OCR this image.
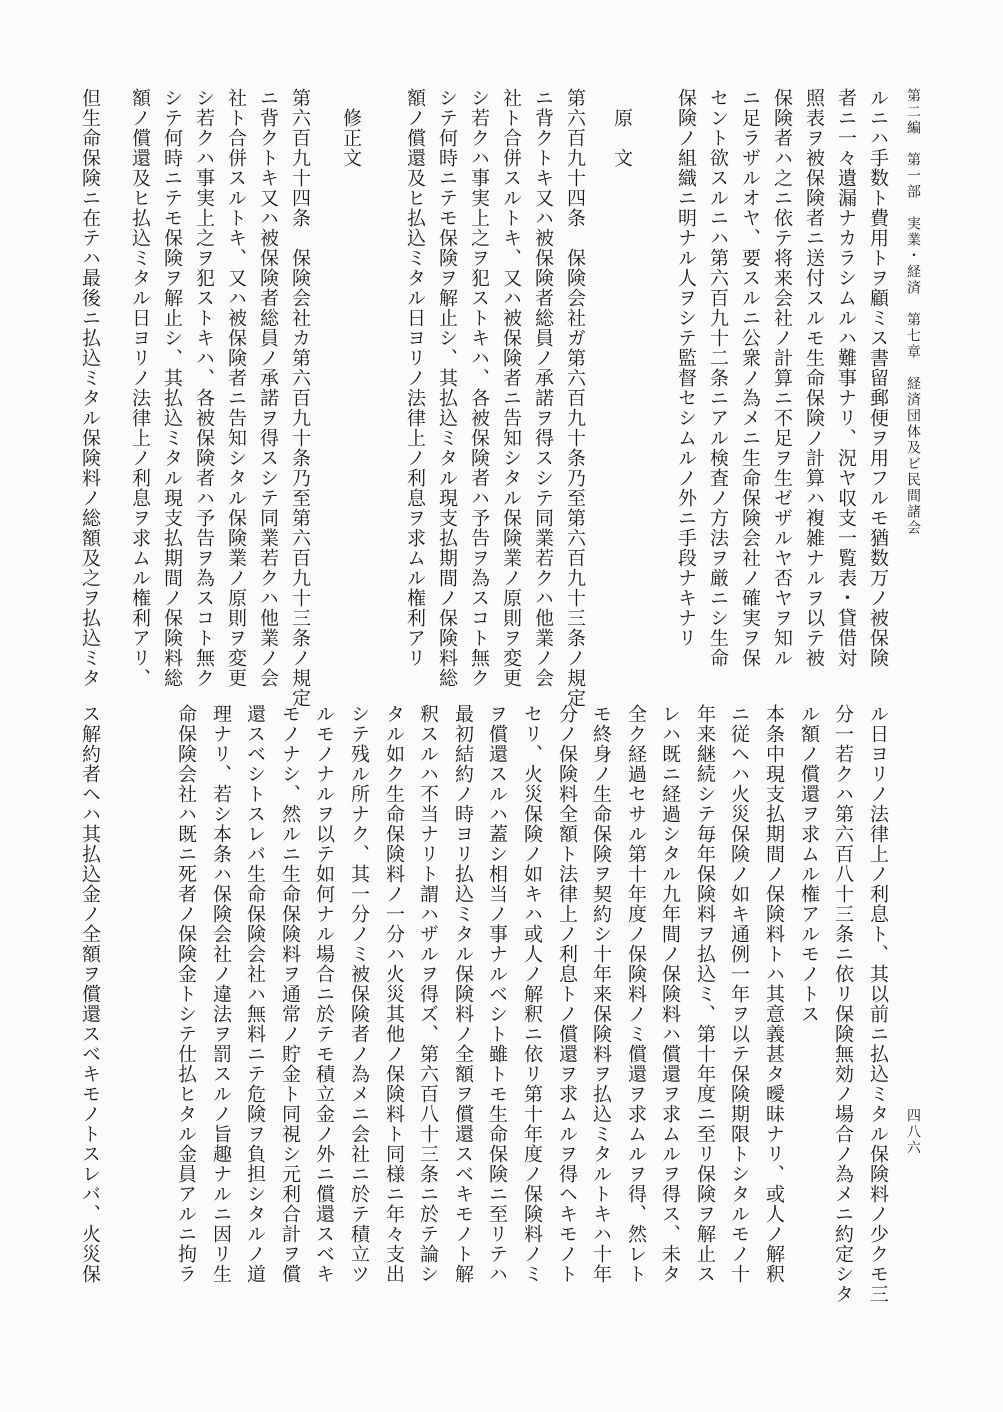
第二編　第一部　実業・経済　第七章　経済団体及ビ民間諸会
四八六
ルニハ手数ト費用トヲ顧ミス書留郵便ヲ用フルモ猶数万ノ被保険
者ニ一々遺漏ナカラシムルハ難事ナリ、況ヤ収支一覧表・貸借対
照表ヲ被保険者ニ送付スルモ生命保険ノ計算ハ複雑ナルヲ以テ被
保険者ハ之ニ依テ将来会社ノ計算ニ不足ヲ生ゼザルヤ否ヤヲ知ル
ニ足ラザルオヤ、要スルニ公衆ノ為メニ生命保険会社ノ確実ヲ保
セント欲スルニハ第六百九十二条ニアル検査ノ方法ヲ厳ニシ生命
保険ノ組織ニ明ナル人ヲシテ監督セシムルノ外ニ手段ナキナリ
　原　文
第六百九十四条　保険会社ガ第六百九十条乃至第六百九十三条ノ規定
ニ背クトキ又ハ被保険者総員ノ承諾ヲ得スシテ同業若クハ他業ノ会
社ト合併スルトキ、又ハ被保険者ニ告知シタル保険業ノ原則ヲ変更
シ若クハ事実上之ヲ犯ストキハ、各被保険者ハ予告ヲ為スコト無ク
シテ何時ニテモ保険ヲ解止シ、其払込ミタル現支払期間ノ保険料総
額ノ償還及ヒ払込ミタル日ヨリノ法律上ノ利息ヲ求ムル権利アリ
　修正文
第六百九十四条　保険会社カ第六百九十条乃至第六百九十三条ノ規定
ニ背クトキ又ハ被保険者総員ノ承諾ヲ得スシテ同業若クハ他業ノ会
社ト合併スルトキ、又ハ被保険者ニ告知シタル保険業ノ原則ヲ変更
シ若クハ事実上之ヲ犯ストキハ、各被保険者ハ予告ヲ為スコト無ク
シテ何時ニテモ保険ヲ解止シ、其払込ミタル現支払期間ノ保険料総
額ノ償還及ヒ払込ミタル日ヨリノ法律上ノ利息ヲ求ムル権利アリ、
但生命保険ニ在テハ最後ニ払込ミタル保険料ノ総額及之ヲ払込ミタ
ル日ヨリノ法律上ノ利息ト、其以前ニ払込ミタル保険料ノ少クモ三
分一若クハ第六百八十三条ニ依リ保険無効ノ場合ノ為メニ約定シタ
ル額ノ償還ヲ求ムル権アルモノトス
本条中現支払期間ノ保険料トハ其意義甚タ曖昧ナリ、或人ノ解釈
ニ従ヘハ火災保険ノ如キ通例一年ヲ以テ保険期限トシタルモノ十
年来継続シテ毎年保険料ヲ払込ミ、第十年度ニ至リ保険ヲ解止ス
レハ既ニ経過シタル九年間ノ保険料ハ償還ヲ求ムルヲ得ス、未タ
全ク経過セサル第十年度ノ保険料ノミ償還ヲ求ムルヲ得、然レト
モ終身ノ生命保険ヲ契約シ十年来保険料ヲ払込ミタルトキハ十年
分ノ保険料全額ト法律上ノ利息トノ償還ヲ求ムルヲ得ヘキモノト
セリ、火災保険ノ如キハ或人ノ解釈ニ依リ第十年度ノ保険料ノミ
ヲ償還スルハ蓋シ相当ノ事ナルベシト雖トモ生命保険ニ至リテハ
最初結約ノ時ヨリ払込ミタル保険料ノ全額ヲ償還スベキモノト解
釈スルハ不当ナリト謂ハザルヲ得ズ、第六百八十三条ニ於テ論シ
タル如ク生命保険料ノ一分ハ火災其他ノ保険料ト同様ニ年々支出
シテ残ル所ナク、其一分ノミ被保険者ノ為メニ会社ニ於テ積立ツ
ルモノナルヲ以テ如何ナル場合ニ於テモ積立金ノ外ニ償還スベキ
モノナシ、然ルニ生命保険料ヲ通常ノ貯金ト同視シ元利合計ヲ償
還スベシトスレバ生命保険会社ハ無料ニテ危険ヲ負担シタルノ道
理ナリ、若シ本条ハ保険会社ノ違法ヲ罰スルノ旨趣ナルニ因リ生
命保険会社ハ既ニ死者ノ保険金トシテ仕払ヒタル金員アルニ拘ラ
ス解約者ヘハ其払込金ノ全額ヲ償還スベキモノトスレバ、火災保
